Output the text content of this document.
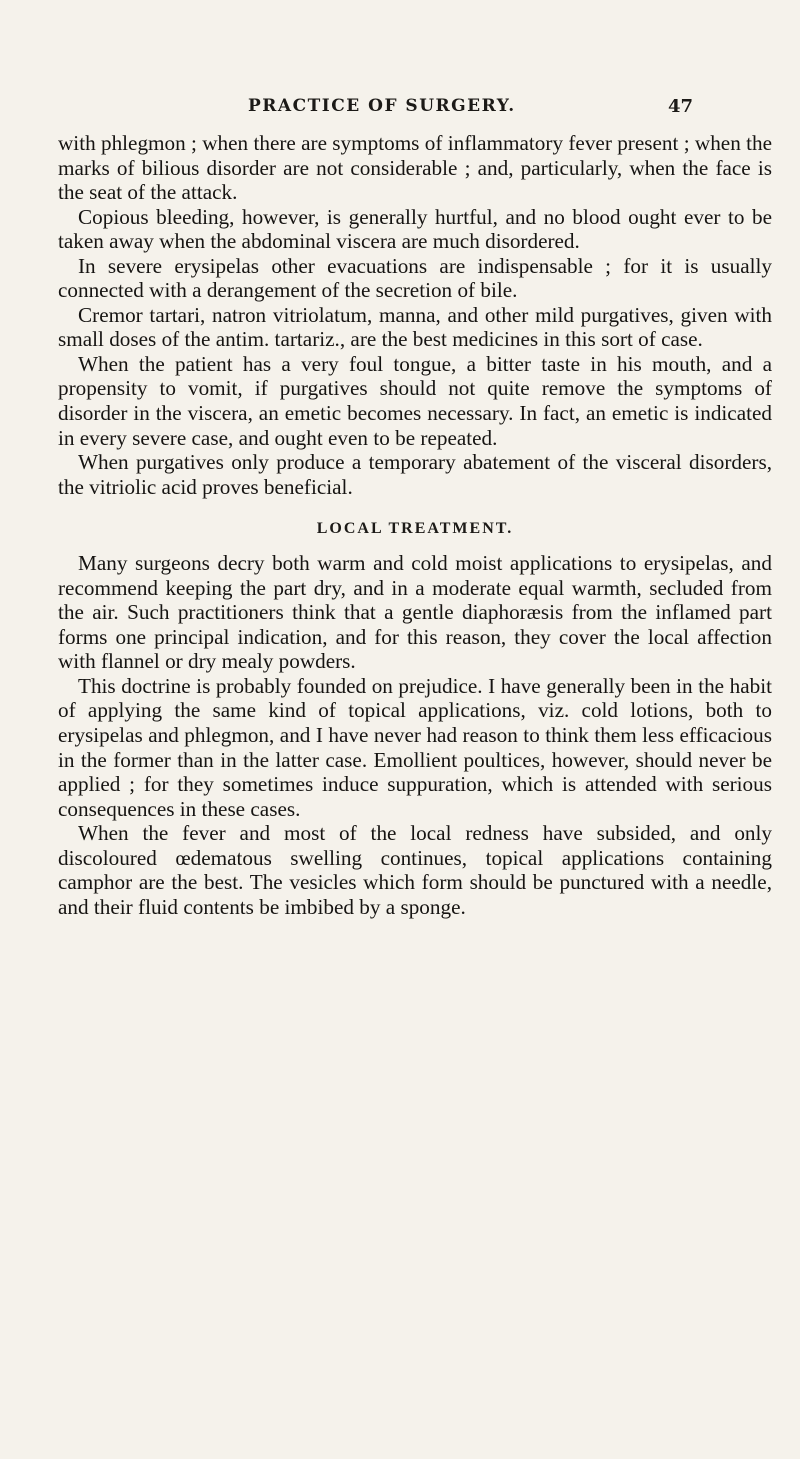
PRACTICE OF SURGERY.	47

with phlegmon ; when there are symptoms of inflammatory fever present ; when the marks of bilious disorder are not considerable ; and, particularly, when the face is the seat of the attack.

Copious bleeding, however, is generally hurtful, and no blood ought ever to be taken away when the abdominal viscera are much disordered.

In severe erysipelas other evacuations are indispensable ; for it is usually connected with a derangement of the secretion of bile.

Cremor tartari, natron vitriolatum, manna, and other mild purgatives, given with small doses of the antim. tartariz., are the best medicines in this sort of case.

When the patient has a very foul tongue, a bitter taste in his mouth, and a propensity to vomit, if purgatives should not quite remove the symptoms of disorder in the viscera, an emetic becomes necessary. In fact, an emetic is indicated in every severe case, and ought even to be repeated.

When purgatives only produce a temporary abatement of the visceral disorders, the vitriolic acid proves beneficial.

LOCAL TREATMENT.

Many surgeons decry both warm and cold moist applications to erysipelas, and recommend keeping the part dry, and in a moderate equal warmth, secluded from the air. Such practitioners think that a gentle diaphoræsis from the inflamed part forms one principal indication, and for this reason, they cover the local affection with flannel or dry mealy powders.

This doctrine is probably founded on prejudice. I have generally been in the habit of applying the same kind of topical applications, viz. cold lotions, both to erysipelas and phlegmon, and I have never had reason to think them less efficacious in the former than in the latter case. Emollient poultices, however, should never be applied ; for they sometimes induce suppuration, which is attended with serious consequences in these cases.

When the fever and most of the local redness have subsided, and only discoloured œdematous swelling continues, topical applications containing camphor are the best. The vesicles which form should be punctured with a needle, and their fluid contents be imbibed by a sponge.
